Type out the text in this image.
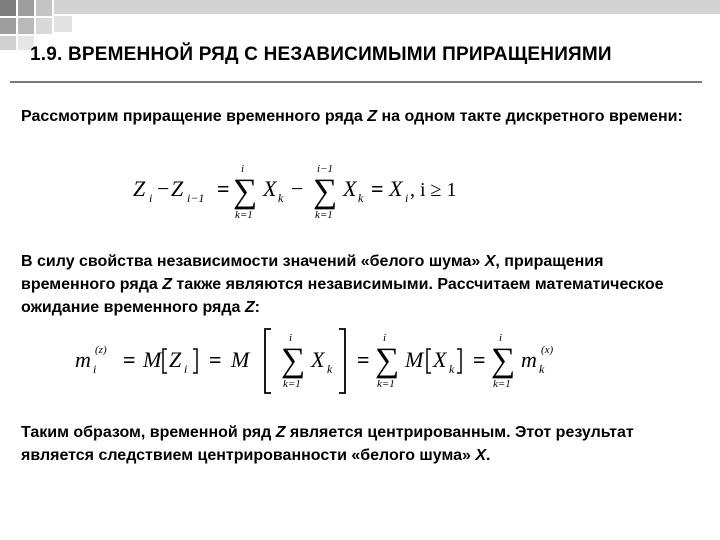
1.9. ВРЕМЕННОЙ РЯД С НЕЗАВИСИМЫМИ ПРИРАЩЕНИЯМИ
Рассмотрим приращение временного ряда Z на одном такте дискретного времени:
Z i − Z i−1 =
i
∑
k=1
X k −
i−1
∑
k=1
X k = X i , i ≥ 1
В силу свойства независимости значений «белого шума» X, приращения временного ряда Z также являются независимыми. Рассчитаем математическое ожидание временного ряда Z:
m i
(z) = M Z i = M
i
∑
k=1
X k =
i
∑
k=1
M X k =
i
∑
k=1
m k
(x)
Таким образом, временной ряд Z является центрированным. Этот результат является следствием центрированности «белого шума» X.
